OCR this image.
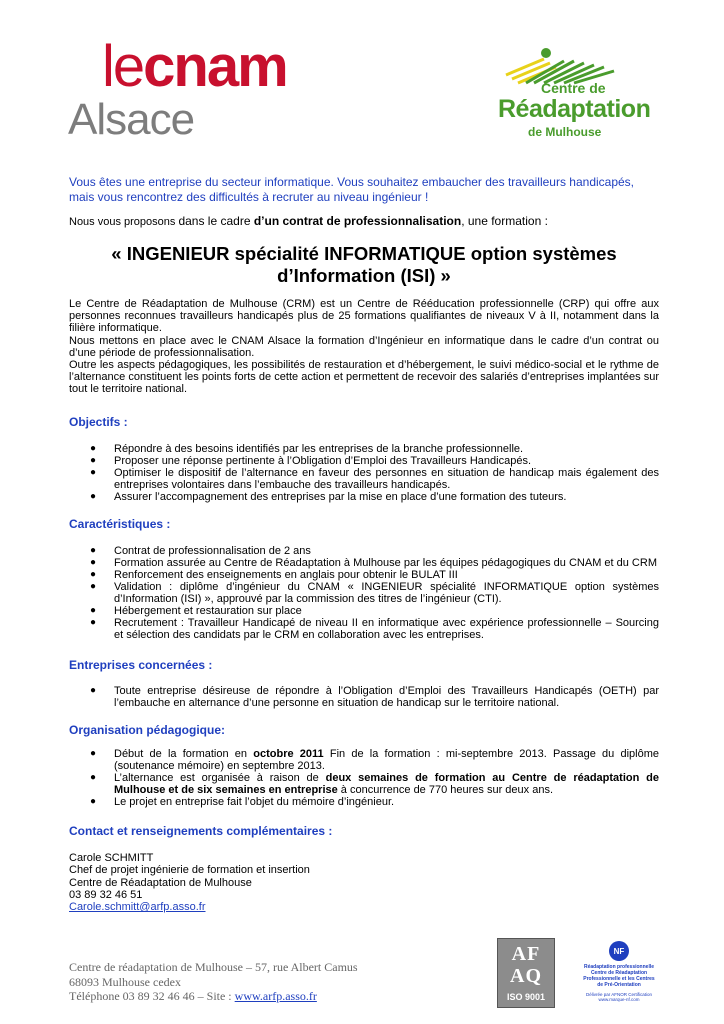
lecnam
Alsace
Centre de
Réadaptation
de Mulhouse
Vous êtes une entreprise du secteur informatique. Vous souhaitez embaucher des travailleurs handicapés, mais vous rencontrez des difficultés à recruter au niveau ingénieur !
Nous vous proposons dans le cadre d’un contrat de professionnalisation, une formation :
« INGENIEUR spécialité INFORMATIQUE option systèmes d’Information (ISI) »

Le Centre de Réadaptation de Mulhouse (CRM) est un Centre de Rééducation professionnelle (CRP) qui offre aux personnes reconnues travailleurs handicapés plus de 25 formations qualifiantes de niveaux V à II, notamment dans la filière informatique.

Nous mettons en place avec le CNAM Alsace la formation d’Ingénieur en informatique dans le cadre d’un contrat ou d’une période de professionnalisation.

Outre les aspects pédagogiques, les possibilités de restauration et d’hébergement, le suivi médico-social et le rythme de l’alternance constituent les points forts de cette action et permettent de recevoir des salariés d’entreprises implantées sur tout le territoire national.

Objectifs :
● Répondre à des besoins identifiés par les entreprises de la branche professionnelle.
● Proposer une réponse pertinente à l’Obligation d’Emploi des Travailleurs Handicapés.
● Optimiser le dispositif de l’alternance en faveur des personnes en situation de handicap mais également des entreprises volontaires dans l’embauche des travailleurs handicapés.
● Assurer l’accompagnement des entreprises par la mise en place d’une formation des tuteurs.
Caractéristiques :
● Contrat de professionnalisation de 2 ans
● Formation assurée au Centre de Réadaptation à Mulhouse par les équipes pédagogiques du CNAM et du CRM
● Renforcement des enseignements en anglais pour obtenir le BULAT III
● Validation : diplôme d’ingénieur du CNAM « INGENIEUR spécialité INFORMATIQUE option systèmes d’Information (ISI) », approuvé par la commission des titres de l’ingénieur (CTI).
● Hébergement et restauration sur place
● Recrutement : Travailleur Handicapé de niveau II en informatique avec expérience professionnelle – Sourcing et sélection des candidats par le CRM en collaboration avec les entreprises.
Entreprises concernées :
● Toute entreprise désireuse de répondre à l’Obligation d’Emploi des Travailleurs Handicapés (OETH) par l’embauche en alternance d’une personne en situation de handicap sur le territoire national.
Organisation pédagogique:
● Début de la formation en octobre 2011 Fin de la formation : mi-septembre 2013. Passage du diplôme (soutenance mémoire) en septembre 2013.
● L’alternance est organisée à raison de deux semaines de formation au Centre de réadaptation de Mulhouse et de six semaines en entreprise à concurrence de 770 heures sur deux ans.
● Le projet en entreprise fait l’objet du mémoire d’ingénieur.
Contact et renseignements complémentaires :
Carole SCHMITT
Chef de projet ingénierie de formation et insertion
Centre de Réadaptation de Mulhouse
03 89 32 46 51
Carole.schmitt@arfp.asso.fr
Centre de réadaptation de Mulhouse – 57, rue Albert Camus
68093 Mulhouse cedex
Téléphone 03 89 32 46 46 – Site : www.arfp.asso.fr
AF AQ
ISO 9001
NF
Réadaptation professionnelle Centre de Réadaptation Professionnelle et les Centres de Pré-Orientation
Délivrée par AFNOR Certification www.marque-nf.com
